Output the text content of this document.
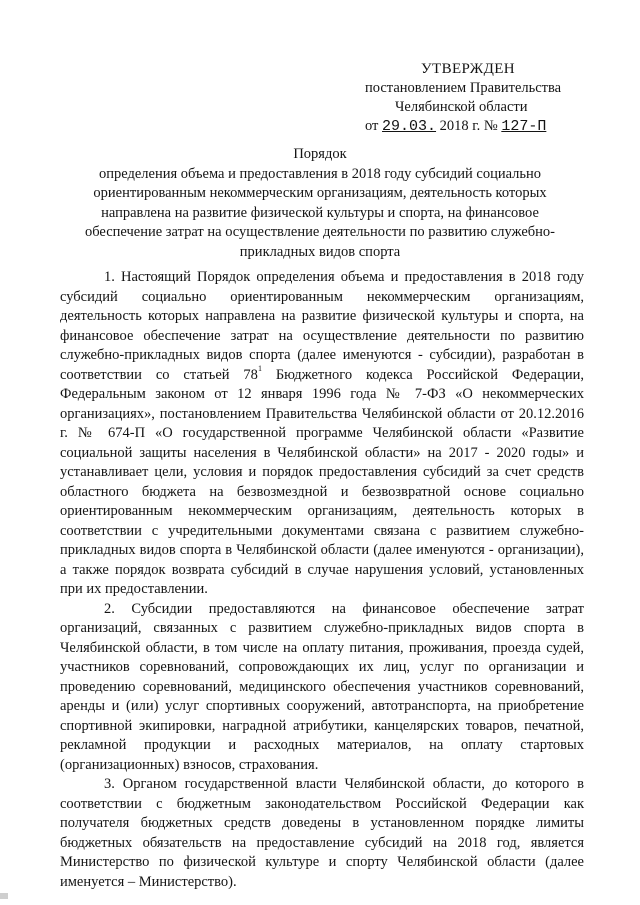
УТВЕРЖДЕН
постановлением Правительства
Челябинской области
от 29.03. 2018 г. № 127-П
Порядок
определения объема и предоставления в 2018 году субсидий социально
ориентированным некоммерческим организациям, деятельность которых
направлена на развитие физической культуры и спорта, на финансовое
обеспечение затрат на осуществление деятельности по развитию служебно-
прикладных видов спорта

1. Настоящий Порядок определения объема и предоставления в 2018 году субсидий социально ориентированным некоммерческим организациям, деятельность которых направлена на развитие физической культуры и спорта, на финансовое обеспечение затрат на осуществление деятельности по развитию служебно-прикладных видов спорта (далее именуются - субсидии), разработан в соответствии со статьей $78^1$ Бюджетного кодекса Российской Федерации, Федеральным законом от 12 января 1996 года № 7-ФЗ «О некоммерческих организациях», постановлением Правительства Челябинской области от 20.12.2016 г. № 674-П «О государственной программе Челябинской области «Развитие социальной защиты населения в Челябинской области» на 2017 - 2020 годы» и устанавливает цели, условия и порядок предоставления субсидий за счет средств областного бюджета на безвозмездной и безвозвратной основе социально ориентированным некоммерческим организациям, деятельность которых в соответствии с учредительными документами связана с развитием служебно-прикладных видов спорта в Челябинской области (далее именуются - организации), а также порядок возврата субсидий в случае нарушения условий, установленных при их предоставлении.

2. Субсидии предоставляются на финансовое обеспечение затрат организаций, связанных с развитием служебно-прикладных видов спорта в Челябинской области, в том числе на оплату питания, проживания, проезда судей, участников соревнований, сопровождающих их лиц, услуг по организации и проведению соревнований, медицинского обеспечения участников соревнований, аренды и (или) услуг спортивных сооружений, автотранспорта, на приобретение спортивной экипировки, наградной атрибутики, канцелярских товаров, печатной, рекламной продукции и расходных материалов, на оплату стартовых (организационных) взносов, страхования.

3. Органом государственной власти Челябинской области, до которого в соответствии с бюджетным законодательством Российской Федерации как получателя бюджетных средств доведены в установленном порядке лимиты бюджетных обязательств на предоставление субсидий на 2018 год, является Министерство по физической культуре и спорту Челябинской области (далее именуется – Министерство).
